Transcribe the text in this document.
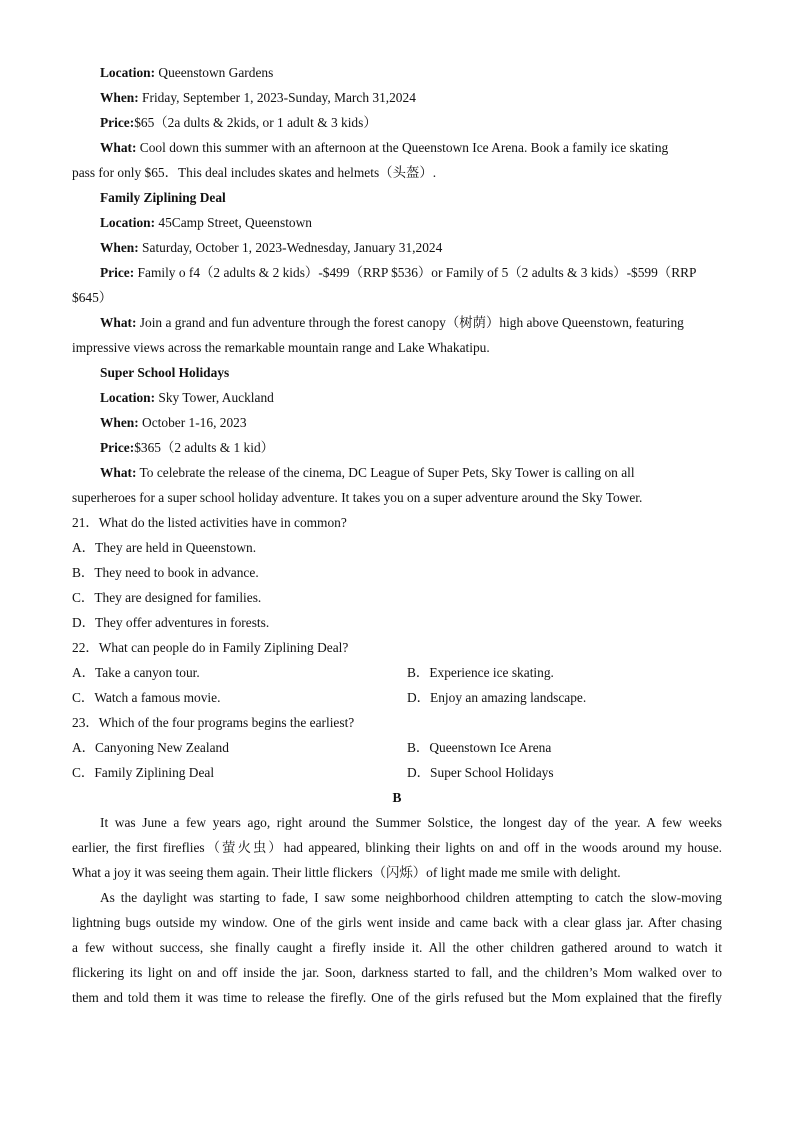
Location: Queenstown Gardens
When: Friday, September 1, 2023-Sunday, March 31,2024
Price:$65（2a dults & 2kids, or 1 adult & 3 kids）
What: Cool down this summer with an afternoon at the Queenstown Ice Arena. Book a family ice skating
pass for only $65．This deal includes skates and helmets（头盔）.
Family Ziplining Deal
Location: 45Camp Street, Queenstown
When: Saturday, October 1, 2023-Wednesday, January 31,2024
Price: Family o f4（2 adults & 2 kids）-$499（RRP $536）or Family of 5（2 adults & 3 kids）-$599（RRP
$645）
What: Join a grand and fun adventure through the forest canopy（树荫）high above Queenstown, featuring
impressive views across the remarkable mountain range and Lake Whakatipu.
Super School Holidays
Location: Sky Tower, Auckland
When: October 1-16, 2023
Price:$365（2 adults & 1 kid）
What: To celebrate the release of the cinema, DC League of Super Pets, Sky Tower is calling on all
superheroes for a super school holiday adventure. It takes you on a super adventure around the Sky Tower.
21．What do the listed activities have in common?
A．They are held in Queenstown.
B．They need to book in advance.
C．They are designed for families.
D．They offer adventures in forests.
22．What can people do in Family Ziplining Deal?
A．Take a canyon tour.	B．Experience ice skating.
C．Watch a famous movie.	D．Enjoy an amazing landscape.
23．Which of the four programs begins the earliest?
A．Canyoning New Zealand	B．Queenstown Ice Arena
C．Family Ziplining Deal	D．Super School Holidays
B
It was June a few years ago, right around the Summer Solstice, the longest day of the year. A few weeks
earlier, the first fireflies（萤火虫）had appeared, blinking their lights on and off in the woods around my house.
What a joy it was seeing them again. Their little flickers（闪烁）of light made me smile with delight.
As the daylight was starting to fade, I saw some neighborhood children attempting to catch the slow-moving
lightning bugs outside my window. One of the girls went inside and came back with a clear glass jar. After chasing
a few without success, she finally caught a firefly inside it. All the other children gathered around to watch it
flickering its light on and off inside the jar. Soon, darkness started to fall, and the children’s Mom walked over to
them and told them it was time to release the firefly. One of the girls refused but the Mom explained that the firefly
